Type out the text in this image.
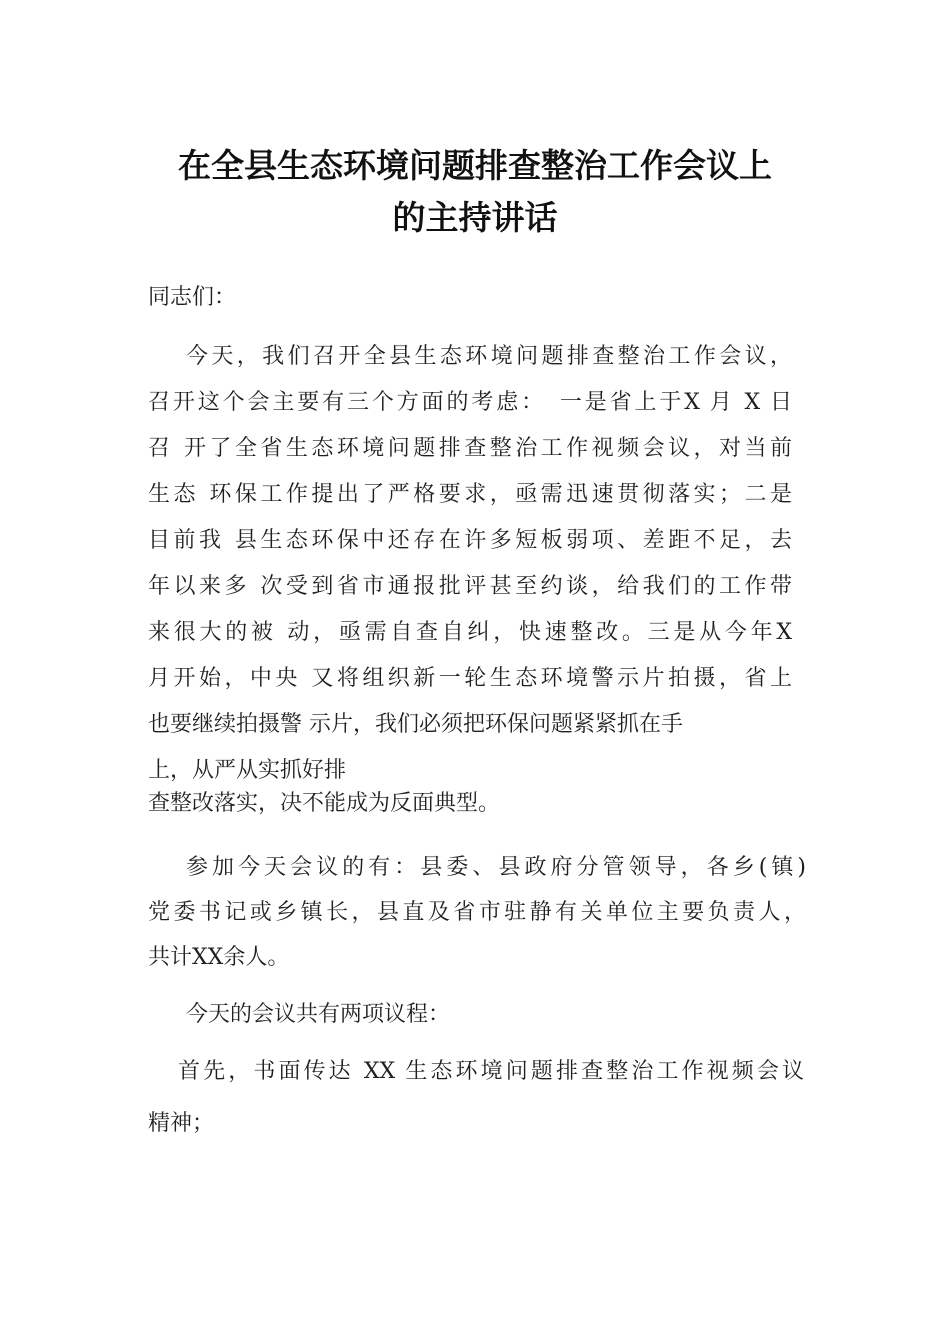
在全县生态环境问题排查整治工作会议上
的主持讲话
同志们：
今天，我们召开全县生态环境问题排查整治工作会议，
召开这个会主要有三个方面的考虑：　一是省上于X 月 X 日
召 开了全省生态环境问题排查整治工作视频会议，对当前
生态 环保工作提出了严格要求，亟需迅速贯彻落实；二是
目前我 县生态环保中还存在许多短板弱项、差距不足，去
年以来多 次受到省市通报批评甚至约谈，给我们的工作带
来很大的被 动，亟需自查自纠，快速整改。三是从今年X
月开始，中央 又将组织新一轮生态环境警示片拍摄，省上
也要继续拍摄警 示片，我们必须把环保问题紧紧抓在手
上，从严从实抓好排
查整改落实，决不能成为反面典型。
参加今天会议的有：县委、县政府分管领导，各乡(镇)
党委书记或乡镇长，县直及省市驻静有关单位主要负责人，
共计XX余人。
今天的会议共有两项议程：
首先，书面传达 XX 生态环境问题排查整治工作视频会议
精神；
